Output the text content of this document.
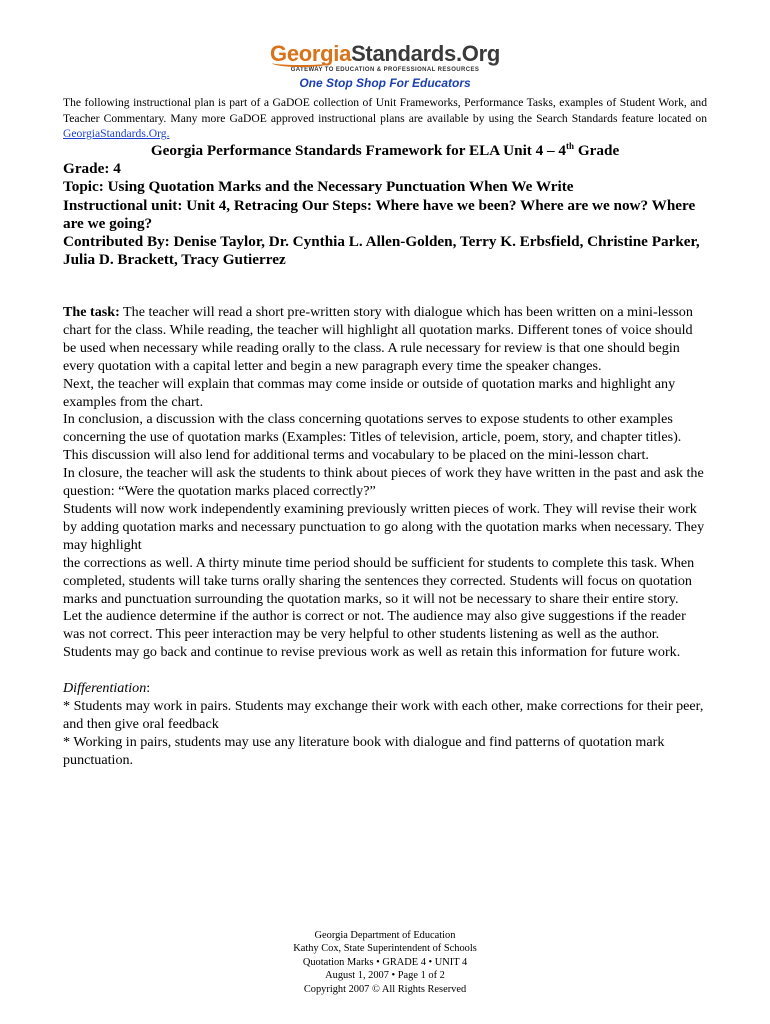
GeorgiaStandards.Org
GATEWAY TO EDUCATION & PROFESSIONAL RESOURCES
One Stop Shop For Educators
The following instructional plan is part of a GaDOE collection of Unit Frameworks, Performance Tasks, examples of Student Work, and Teacher Commentary. Many more GaDOE approved instructional plans are available by using the Search Standards feature located on GeorgiaStandards.Org.
Georgia Performance Standards Framework for ELA Unit 4 – 4th Grade

Grade: 4

Topic: Using Quotation Marks and the Necessary Punctuation When We Write

Instructional unit: Unit 4, Retracing Our Steps: Where have we been? Where are we now? Where are we going?

Contributed By: Denise Taylor, Dr. Cynthia L. Allen-Golden, Terry K. Erbsfield, Christine Parker, Julia D. Brackett, Tracy Gutierrez

The task: The teacher will read a short pre-written story with dialogue which has been written on a mini-lesson chart for the class. While reading, the teacher will highlight all quotation marks. Different tones of voice should be used when necessary while reading orally to the class. A rule necessary for review is that one should begin every quotation with a capital letter and begin a new paragraph every time the speaker changes.

Next, the teacher will explain that commas may come inside or outside of quotation marks and highlight any examples from the chart.

In conclusion, a discussion with the class concerning quotations serves to expose students to other examples concerning the use of quotation marks (Examples: Titles of television, article, poem, story, and chapter titles). This discussion will also lend for additional terms and vocabulary to be placed on the mini-lesson chart.

In closure, the teacher will ask the students to think about pieces of work they have written in the past and ask the question: “Were the quotation marks placed correctly?”

Students will now work independently examining previously written pieces of work. They will revise their work by adding quotation marks and necessary punctuation to go along with the quotation marks when necessary. They may highlight

the corrections as well. A thirty minute time period should be sufficient for students to complete this task. When completed, students will take turns orally sharing the sentences they corrected. Students will focus on quotation marks and punctuation surrounding the quotation marks, so it will not be necessary to share their entire story.

Let the audience determine if the author is correct or not. The audience may also give suggestions if the reader was not correct. This peer interaction may be very helpful to other students listening as well as the author. Students may go back and continue to revise previous work as well as retain this information for future work.

Differentiation:

* Students may work in pairs. Students may exchange their work with each other, make corrections for their peer, and then give oral feedback

* Working in pairs, students may use any literature book with dialogue and find patterns of quotation mark punctuation.

Georgia Department of Education

Kathy Cox, State Superintendent of Schools

Quotation Marks • GRADE 4 • UNIT 4

August 1, 2007 • Page 1 of 2

Copyright 2007 © All Rights Reserved
